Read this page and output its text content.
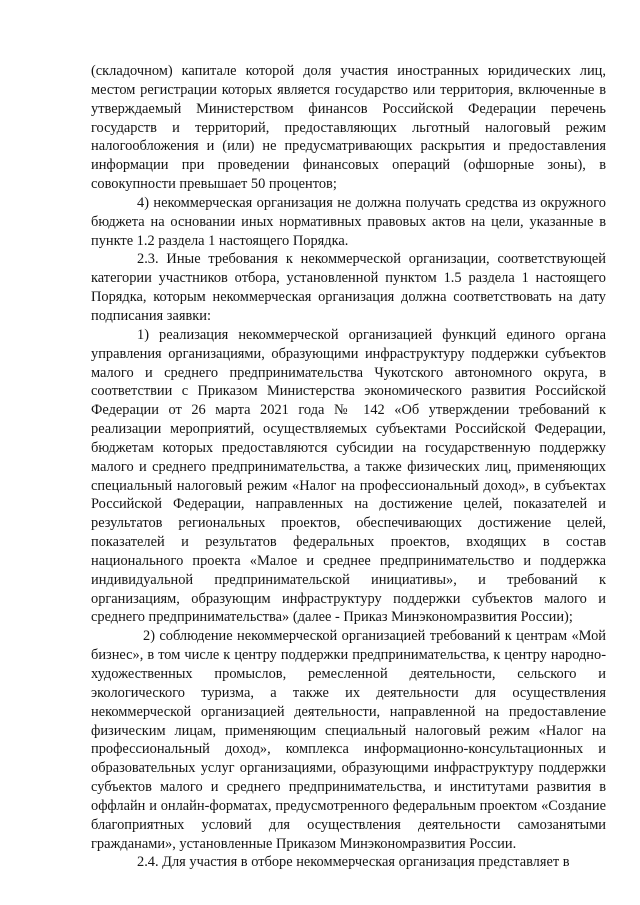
(складочном) капитале которой доля участия иностранных юридических лиц, местом регистрации которых является государство или территория, включенные в утверждаемый Министерством финансов Российской Федерации перечень государств и территорий, предоставляющих льготный налоговый режим налогообложения и (или) не предусматривающих раскрытия и предоставления информации при проведении финансовых операций (офшорные зоны), в совокупности превышает 50 процентов;

4) некоммерческая организация не должна получать средства из окружного бюджета на основании иных нормативных правовых актов на цели, указанные в пункте 1.2 раздела 1 настоящего Порядка.

2.3. Иные требования к некоммерческой организации, соответствующей категории участников отбора, установленной пунктом 1.5 раздела 1 настоящего Порядка, которым некоммерческая организация должна соответствовать на дату подписания заявки:

1) реализация некоммерческой организацией функций единого органа управления организациями, образующими инфраструктуру поддержки субъектов малого и среднего предпринимательства Чукотского автономного округа, в соответствии с Приказом Министерства экономического развития Российской Федерации от 26 марта 2021 года № 142 «Об утверждении требований к реализации мероприятий, осуществляемых субъектами Российской Федерации, бюджетам которых предоставляются субсидии на государственную поддержку малого и среднего предпринимательства, а также физических лиц, применяющих специальный налоговый режим «Налог на профессиональный доход», в субъектах Российской Федерации, направленных на достижение целей, показателей и результатов региональных проектов, обеспечивающих достижение целей, показателей и результатов федеральных проектов, входящих в состав национального проекта «Малое и среднее предпринимательство и поддержка индивидуальной предпринимательской инициативы», и требований к организациям, образующим инфраструктуру поддержки субъектов малого и среднего предпринимательства» (далее - Приказ Минэкономразвития России);

2) соблюдение некоммерческой организацией требований к центрам «Мой бизнес», в том числе к центру поддержки предпринимательства, к центру народно-художественных промыслов, ремесленной деятельности, сельского и экологического туризма, а также их деятельности для осуществления некоммерческой организацией деятельности, направленной на предоставление физическим лицам, применяющим специальный налоговый режим «Налог на профессиональный доход», комплекса информационно-консультационных и образовательных услуг организациями, образующими инфраструктуру поддержки субъектов малого и среднего предпринимательства, и институтами развития в оффлайн и онлайн-форматах, предусмотренного федеральным проектом «Создание благоприятных условий для осуществления деятельности самозанятыми гражданами», установленные Приказом Минэкономразвития России.

2.4. Для участия в отборе некоммерческая организация представляет в
